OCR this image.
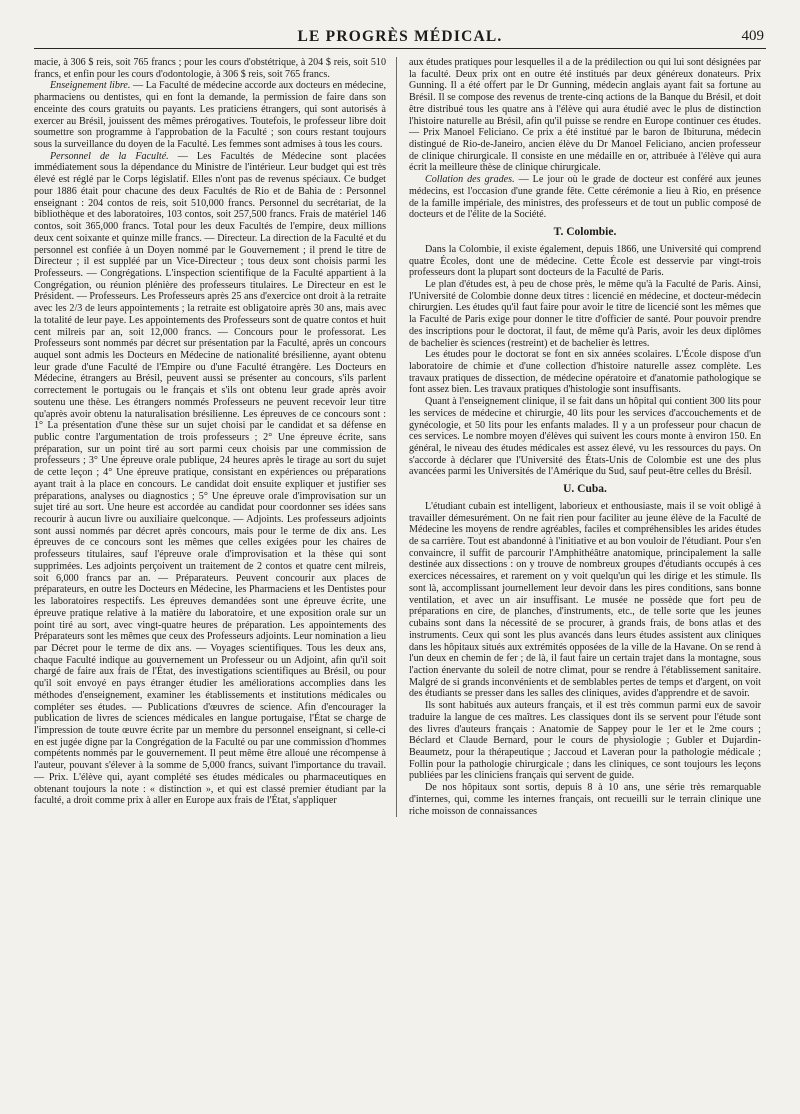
LE PROGRÈS MÉDICAL.	409

macie, à 306 $ reis, soit 765 francs ; pour les cours d'obstétrique, à 204 $ reis, soit 510 francs, et enfin pour les cours d'odontologie, à 306 $ reis, soit 765 francs.

Enseignement libre. — La Faculté de médecine accorde aux docteurs en médecine, pharmaciens ou dentistes, qui en font la demande, la permission de faire dans son enceinte des cours gratuits ou payants. Les praticiens étrangers, qui sont autorisés à exercer au Brésil, jouissent des mêmes prérogatives. Toutefois, le professeur libre doit soumettre son programme à l'approbation de la Faculté ; son cours restant toujours sous la surveillance du doyen de la Faculté. Les femmes sont admises à tous les cours.

Personnel de la Faculté. — Les Facultés de Médecine sont placées immédiatement sous la dépendance du Ministre de l'intérieur. Leur budget qui est très élevé est réglé par le Corps législatif. Elles n'ont pas de revenus spéciaux. Ce budget pour 1886 était pour chacune des deux Facultés de Rio et de Bahia de : Personnel enseignant : 204 contos de reis, soit 510,000 francs. Personnel du secrétariat, de la bibliothèque et des laboratoires, 103 contos, soit 257,500 francs. Frais de matériel 146 contos, soit 365,000 francs. Total pour les deux Facultés de l'empire, deux millions deux cent soixante et quinze mille francs. — Directeur. La direction de la Faculté et du personnel est confiée à un Doyen nommé par le Gouvernement ; il prend le titre de Directeur ; il est suppléé par un Vice-Directeur ; tous deux sont choisis parmi les Professeurs. — Congrégations. L'inspection scientifique de la Faculté appartient à la Congrégation, ou réunion plénière des professeurs titulaires. Le Directeur en est le Président. — Professeurs. Les Professeurs après 25 ans d'exercice ont droit à la retraite avec les 2/3 de leurs appointements ; la retraite est obligatoire après 30 ans, mais avec la totalité de leur paye. Les appointements des Professeurs sont de quatre contos et huit cent milreis par an, soit 12,000 francs. — Concours pour le professorat. Les Professeurs sont nommés par décret sur présentation par la Faculté, après un concours auquel sont admis les Docteurs en Médecine de nationalité brésilienne, ayant obtenu leur grade d'une Faculté de l'Empire ou d'une Faculté étrangère. Les Docteurs en Médecine, étrangers au Brésil, peuvent aussi se présenter au concours, s'ils parlent correctement le portugais ou le français et s'ils ont obtenu leur grade après avoir soutenu une thèse. Les étrangers nommés Professeurs ne peuvent recevoir leur titre qu'après avoir obtenu la naturalisation brésilienne. Les épreuves de ce concours sont : 1° La présentation d'une thèse sur un sujet choisi par le candidat et sa défense en public contre l'argumentation de trois professeurs ; 2° Une épreuve écrite, sans préparation, sur un point tiré au sort parmi ceux choisis par une commission de professeurs ; 3° Une épreuve orale publique, 24 heures après le tirage au sort du sujet de cette leçon ; 4° Une épreuve pratique, consistant en expériences ou préparations ayant trait à la place en concours. Le candidat doit ensuite expliquer et justifier ses préparations, analyses ou diagnostics ; 5° Une épreuve orale d'improvisation sur un sujet tiré au sort. Une heure est accordée au candidat pour coordonner ses idées sans recourir à aucun livre ou auxiliaire quelconque. — Adjoints. Les professeurs adjoints sont aussi nommés par décret après concours, mais pour le terme de dix ans. Les épreuves de ce concours sont les mêmes que celles exigées pour les chaires de professeurs titulaires, sauf l'épreuve orale d'improvisation et la thèse qui sont supprimées. Les adjoints perçoivent un traitement de 2 contos et quatre cent milreis, soit 6,000 francs par an. — Préparateurs. Peuvent concourir aux places de préparateurs, en outre les Docteurs en Médecine, les Pharmaciens et les Dentistes pour les laboratoires respectifs. Les épreuves demandées sont une épreuve écrite, une épreuve pratique relative à la matière du laboratoire, et une exposition orale sur un point tiré au sort, avec vingt-quatre heures de préparation. Les appointements des Préparateurs sont les mêmes que ceux des Professeurs adjoints. Leur nomination a lieu par Décret pour le terme de dix ans. — Voyages scientifiques. Tous les deux ans, chaque Faculté indique au gouvernement un Professeur ou un Adjoint, afin qu'il soit chargé de faire aux frais de l'État, des investigations scientifiques au Brésil, ou pour qu'il soit envoyé en pays étranger étudier les améliorations accomplies dans les méthodes d'enseignement, examiner les établissements et institutions médicales ou compléter ses études. — Publications d'œuvres de science. Afin d'encourager la publication de livres de sciences médicales en langue portugaise, l'État se charge de l'impression de toute œuvre écrite par un membre du personnel enseignant, si celle-ci en est jugée digne par la Congrégation de la Faculté ou par une commission d'hommes compétents nommés par le gouvernement. Il peut même être alloué une récompense à l'auteur, pouvant s'élever à la somme de 5,000 francs, suivant l'importance du travail. — Prix. L'élève qui, ayant complété ses études médicales ou pharmaceutiques en obtenant toujours la note : « distinction », et qui est classé premier étudiant par la faculté, a droit comme prix à aller en Europe aux frais de l'État, s'appliquer

aux études pratiques pour lesquelles il a de la prédilection ou qui lui sont désignées par la faculté. Deux prix ont en outre été institués par deux généreux donateurs. Prix Gunning. Il a été offert par le Dr Gunning, médecin anglais ayant fait sa fortune au Brésil. Il se compose des revenus de trente-cinq actions de la Banque du Brésil, et doit être distribué tous les quatre ans à l'élève qui aura étudié avec le plus de distinction l'histoire naturelle au Brésil, afin qu'il puisse se rendre en Europe continuer ces études. — Prix Manoel Feliciano. Ce prix a été institué par le baron de Ibituruna, médecin distingué de Rio-de-Janeiro, ancien élève du Dr Manoel Feliciano, ancien professeur de clinique chirurgicale. Il consiste en une médaille en or, attribuée à l'élève qui aura écrit la meilleure thèse de clinique chirurgicale.

Collation des grades. — Le jour où le grade de docteur est conféré aux jeunes médecins, est l'occasion d'une grande fête. Cette cérémonie a lieu à Rio, en présence de la famille impériale, des ministres, des professeurs et de tout un public composé de docteurs et de l'élite de la Société.

T. Colombie.

Dans la Colombie, il existe également, depuis 1866, une Université qui comprend quatre Écoles, dont une de médecine. Cette École est desservie par vingt-trois professeurs dont la plupart sont docteurs de la Faculté de Paris.

Le plan d'études est, à peu de chose près, le même qu'à la Faculté de Paris. Ainsi, l'Université de Colombie donne deux titres : licencié en médecine, et docteur-médecin chirurgien. Les études qu'il faut faire pour avoir le titre de licencié sont les mêmes que la Faculté de Paris exige pour donner le titre d'officier de santé. Pour pouvoir prendre des inscriptions pour le doctorat, il faut, de même qu'à Paris, avoir les deux diplômes de bachelier ès sciences (restreint) et de bachelier ès lettres.

Les études pour le doctorat se font en six années scolaires. L'École dispose d'un laboratoire de chimie et d'une collection d'histoire naturelle assez complète. Les travaux pratiques de dissection, de médecine opératoire et d'anatomie pathologique se font assez bien. Les travaux pratiques d'histologie sont insuffisants.

Quant à l'enseignement clinique, il se fait dans un hôpital qui contient 300 lits pour les services de médecine et chirurgie, 40 lits pour les services d'accouchements et de gynécologie, et 50 lits pour les enfants malades. Il y a un professeur pour chacun de ces services. Le nombre moyen d'élèves qui suivent les cours monte à environ 150. En général, le niveau des études médicales est assez élevé, vu les ressources du pays. On s'accorde à déclarer que l'Université des États-Unis de Colombie est une des plus avancées parmi les Universités de l'Amérique du Sud, sauf peut-être celles du Brésil.

U. Cuba.

L'étudiant cubain est intelligent, laborieux et enthousiaste, mais il se voit obligé à travailler démesurément. On ne fait rien pour faciliter au jeune élève de la Faculté de Médecine les moyens de rendre agréables, faciles et compréhensibles les arides études de sa carrière. Tout est abandonné à l'initiative et au bon vouloir de l'étudiant. Pour s'en convaincre, il suffit de parcourir l'Amphithéâtre anatomique, principalement la salle destinée aux dissections : on y trouve de nombreux groupes d'étudiants occupés à ces exercices nécessaires, et rarement on y voit quelqu'un qui les dirige et les stimule. Ils sont là, accomplissant journellement leur devoir dans les pires conditions, sans bonne ventilation, et avec un air insuffisant. Le musée ne possède que fort peu de préparations en cire, de planches, d'instruments, etc., de telle sorte que les jeunes cubains sont dans la nécessité de se procurer, à grands frais, de bons atlas et des instruments. Ceux qui sont les plus avancés dans leurs études assistent aux cliniques dans les hôpitaux situés aux extrémités opposées de la ville de la Havane. On se rend à l'un deux en chemin de fer ; de là, il faut faire un certain trajet dans la montagne, sous l'action énervante du soleil de notre climat, pour se rendre à l'établissement sanitaire. Malgré de si grands inconvénients et de semblables pertes de temps et d'argent, on voit des étudiants se presser dans les salles des cliniques, avides d'apprendre et de savoir.

Ils sont habitués aux auteurs français, et il est très commun parmi eux de savoir traduire la langue de ces maîtres. Les classiques dont ils se servent pour l'étude sont des livres d'auteurs français : Anatomie de Sappey pour le 1er et le 2me cours ; Béclard et Claude Bernard, pour le cours de physiologie ; Gubler et Dujardin-Beaumetz, pour la thérapeutique ; Jaccoud et Laveran pour la pathologie médicale ; Follin pour la pathologie chirurgicale ; dans les cliniques, ce sont toujours les leçons publiées par les cliniciens français qui servent de guide.

De nos hôpitaux sont sortis, depuis 8 à 10 ans, une série très remarquable d'internes, qui, comme les internes français, ont recueilli sur le terrain clinique une riche moisson de connaissances
